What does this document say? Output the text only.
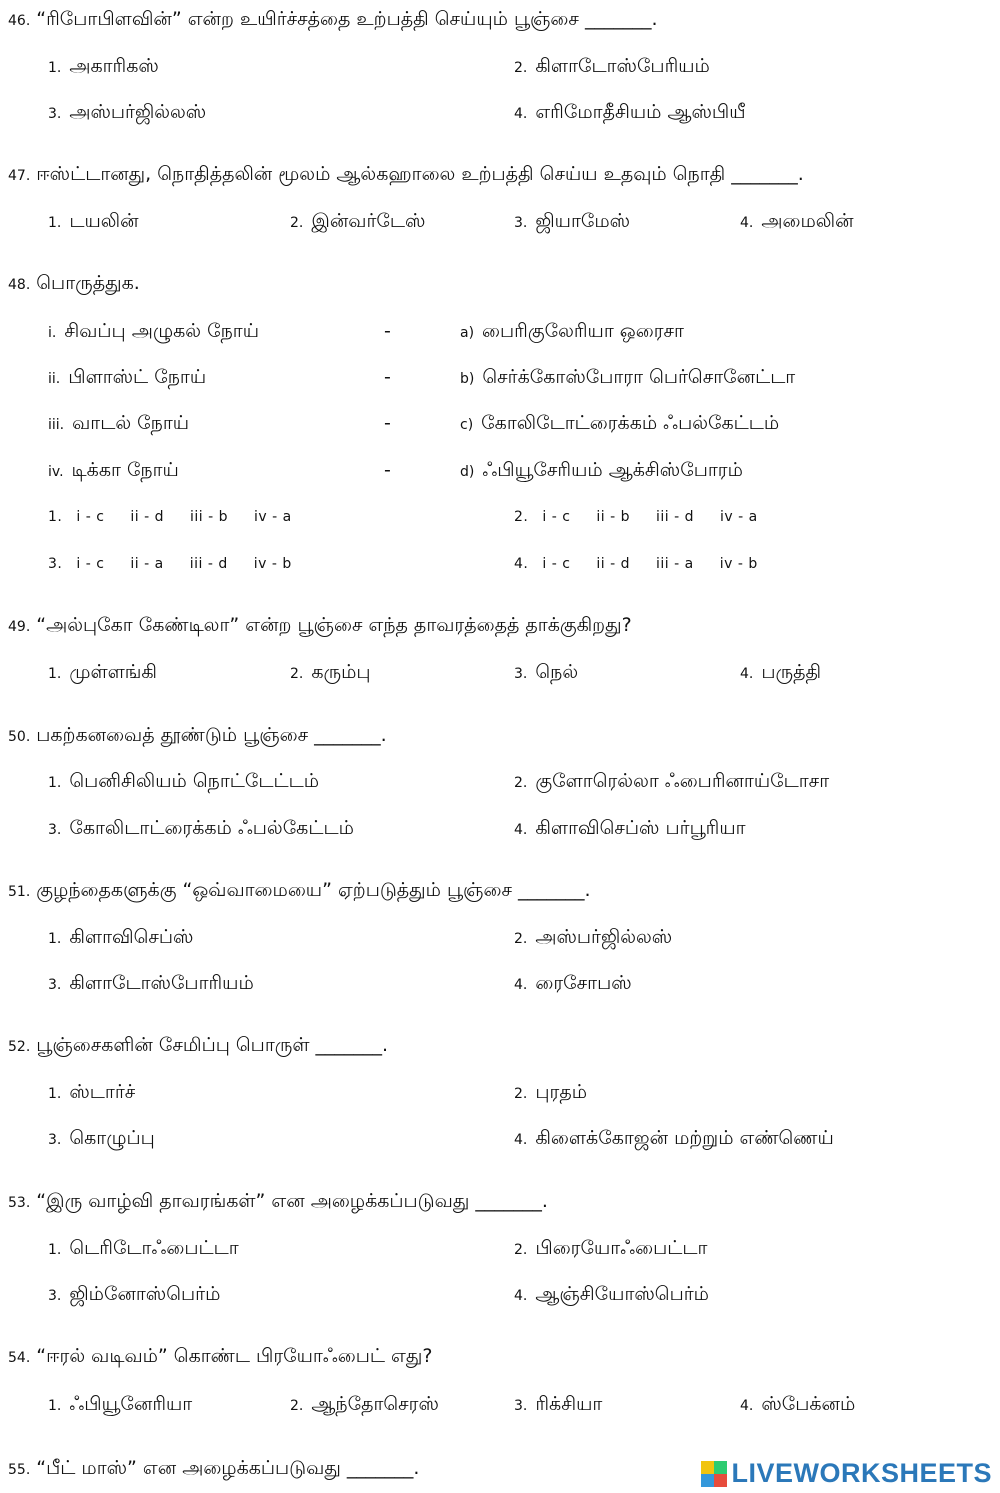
46. “ரிபோபிளவின்” என்ற உயிர்ச்சத்தை உற்பத்தி செய்யும் பூஞ்சை _______.
1. அகாரிகஸ்	2. கிளாடோஸ்பேரியம்
3. அஸ்பர்ஜில்லஸ்	4. எரிமோதீசியம் ஆஸ்பியீ
47. ஈஸ்ட்டானது, நொதித்தலின் மூலம் ஆல்கஹாலை உற்பத்தி செய்ய உதவும் நொதி _______.
1. டயலின்	2. இன்வர்டேஸ்	3. ஜியாமேஸ்	4. அமைலின்
48. பொருத்துக.
i. சிவப்பு அழுகல் நோய்	-	a) பைரிகுலேரியா ஒரைசா
ii. பிளாஸ்ட் நோய்	-	b) செர்க்கோஸ்போரா பெர்சொனேட்டா
iii. வாடல் நோய்	-	c) கோலிடோட்ரைக்கம் ஃபல்கேட்டம்
iv. டிக்கா நோய்	-	d) ஃபியூசேரியம் ஆக்சிஸ்போரம்
1. i - c ii - d iii - b iv - a	2. i - c ii - b iii - d iv - a
3. i - c ii - a iii - d iv - b	4. i - c ii - d iii - a iv - b
49. “அல்புகோ கேண்டிலா” என்ற பூஞ்சை எந்த தாவரத்தைத் தாக்குகிறது?
1. முள்ளங்கி	2. கரும்பு	3. நெல்	4. பருத்தி
50. பகற்கனவைத் தூண்டும் பூஞ்சை _______.
1. பெனிசிலியம் நொட்டேட்டம்	2. குளோரெல்லா ஃபைரினாய்டோசா
3. கோலிடாட்ரைக்கம் ஃபல்கேட்டம்	4. கிளாவிசெப்ஸ் பர்பூரியா
51. குழந்தைகளுக்கு “ஒவ்வாமையை” ஏற்படுத்தும் பூஞ்சை _______.
1. கிளாவிசெப்ஸ்	2. அஸ்பர்ஜில்லஸ்
3. கிளாடோஸ்போரியம்	4. ரைசோபஸ்
52. பூஞ்சைகளின் சேமிப்பு பொருள் _______.
1. ஸ்டார்ச்	2. புரதம்
3. கொழுப்பு	4. கிளைக்கோஜன் மற்றும் எண்ணெய்
53. “இரு வாழ்வி தாவரங்கள்” என அழைக்கப்படுவது _______.
1. டெரிடோஃபைட்டா	2. பிரையோஃபைட்டா
3. ஜிம்னோஸ்பெர்ம்	4. ஆஞ்சியோஸ்பெர்ம்
54. “ஈரல் வடிவம்” கொண்ட பிரயோஃபைட் எது?
1. ஃபியூனேரியா	2. ஆந்தோசெரஸ்	3. ரிக்சியா	4. ஸ்பேக்னம்
55. “பீட் மாஸ்” என அழைக்கப்படுவது _______.	LIVEWORKSHEETS
